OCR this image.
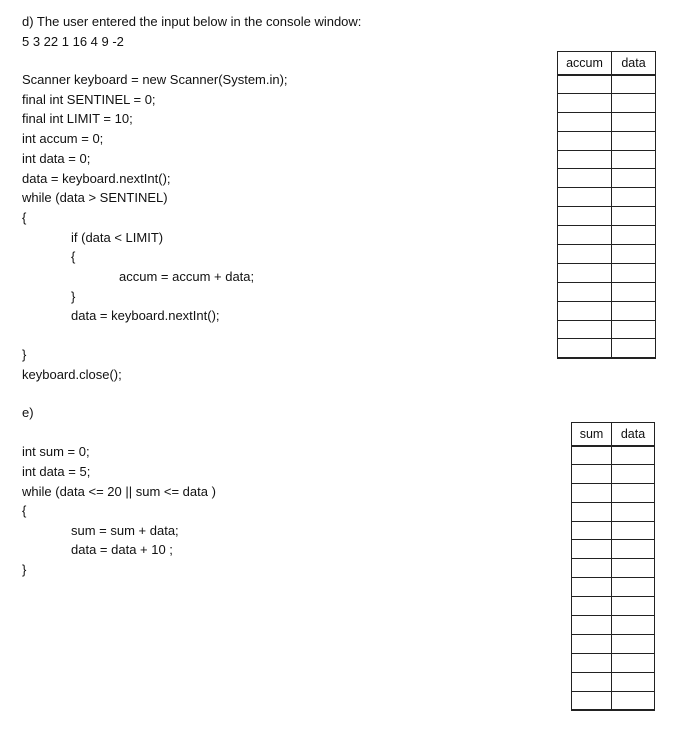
d) The user entered the input below in the console window:
5 3 22 1 16 4 9 -2
Scanner keyboard = new Scanner(System.in);
final int SENTINEL = 0;
final int LIMIT = 10;
int accum = 0;
int data = 0;
data = keyboard.nextInt();
while (data > SENTINEL)
{
if (data < LIMIT)
{
accum = accum + data;
}
data = keyboard.nextInt();
}
keyboard.close();
accum	data

e)
int sum = 0;
int data = 5;
while (data <= 20 || sum <= data )
{
sum = sum + data;
data = data + 10 ;
}
sum	data
